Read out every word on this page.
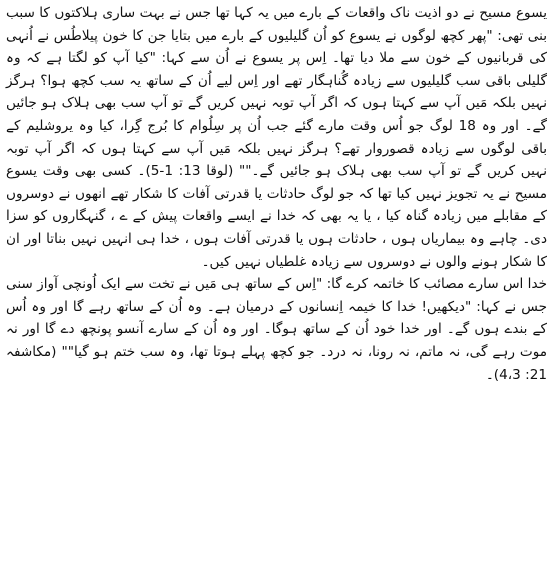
یسوع مسیح نے دو اذیت ناک واقعات کے بارے میں یہ کہا تھا جس نے بہت ساری ہلاکتوں کا سبب بنی تھی: "پھر کچھ لوگوں نے یسوع کو اُن گلیلیوں کے بارے میں بتایا جن کا خون پیلاطُس نے اُنہی کی قربانیوں کے خون سے ملا دیا تھا۔ اِس پر یسوع نے اُن سے کہا: "کیا آپ کو لگتا ہے کہ وہ گلیلی باقی سب گلیلیوں سے زیادہ گُناہگار تھے اور اِس لیے اُن کے ساتھ یہ سب کچھ ہوا؟ ہرگز نہیں بلکہ مَیں آپ سے کہتا ہوں کہ اگر آپ توبہ نہیں کریں گے تو آپ سب بھی ہلاک ہو جائیں گے۔ اور وہ 18 لوگ جو اُس وقت مارے گئے جب اُن پر سِلُوام کا بُرج گِرا، کیا وہ یروشلیم کے باقی لوگوں سے زیادہ قصوروار تھے؟ ہرگز نہیں بلکہ مَیں آپ سے کہتا ہوں کہ اگر آپ توبہ نہیں کریں گے تو آپ سب بھی ہلاک ہو جائیں گے۔"" (لوقا 13: 1-5)۔ کسی بھی وقت یسوع مسیح نے یہ تجویز نہیں کیا تھا کہ جو لوگ حادثات یا قدرتی آفات کا شکار تھے انھوں نے دوسروں کے مقابلے میں زیادہ گناہ کیا ، یا یہ بھی کہ خدا نے ایسے واقعات پیش کے ے ، گنہگاروں کو سزا دی۔ چاہے وہ بیماریاں ہوں ، حادثات ہوں یا قدرتی آفات ہوں ، خدا ہی انہیں نہیں بناتا اور ان کا شکار ہونے والوں نے دوسروں سے زیادہ غلطیاں نہیں کیں۔

خدا اس سارے مصائب کا خاتمہ کرے گا: "اِس کے ساتھ ہی مَیں نے تخت سے ایک اُونچی آواز سنی جس نے کہا: "دیکھیں! خدا کا خیمہ اِنسانوں کے درمیان ہے۔ وہ اُن کے ساتھ رہے گا اور وہ اُس کے بندے ہوں گے۔ اور خدا خود اُن کے ساتھ ہوگا۔ اور وہ اُن کے سارے آنسو پونچھ دے گا اور نہ موت رہے گی، نہ ماتم، نہ رونا، نہ درد۔ جو کچھ پہلے ہوتا تھا، وہ سب ختم ہو گیا"" (مکاشفہ 21: 4،3)۔
